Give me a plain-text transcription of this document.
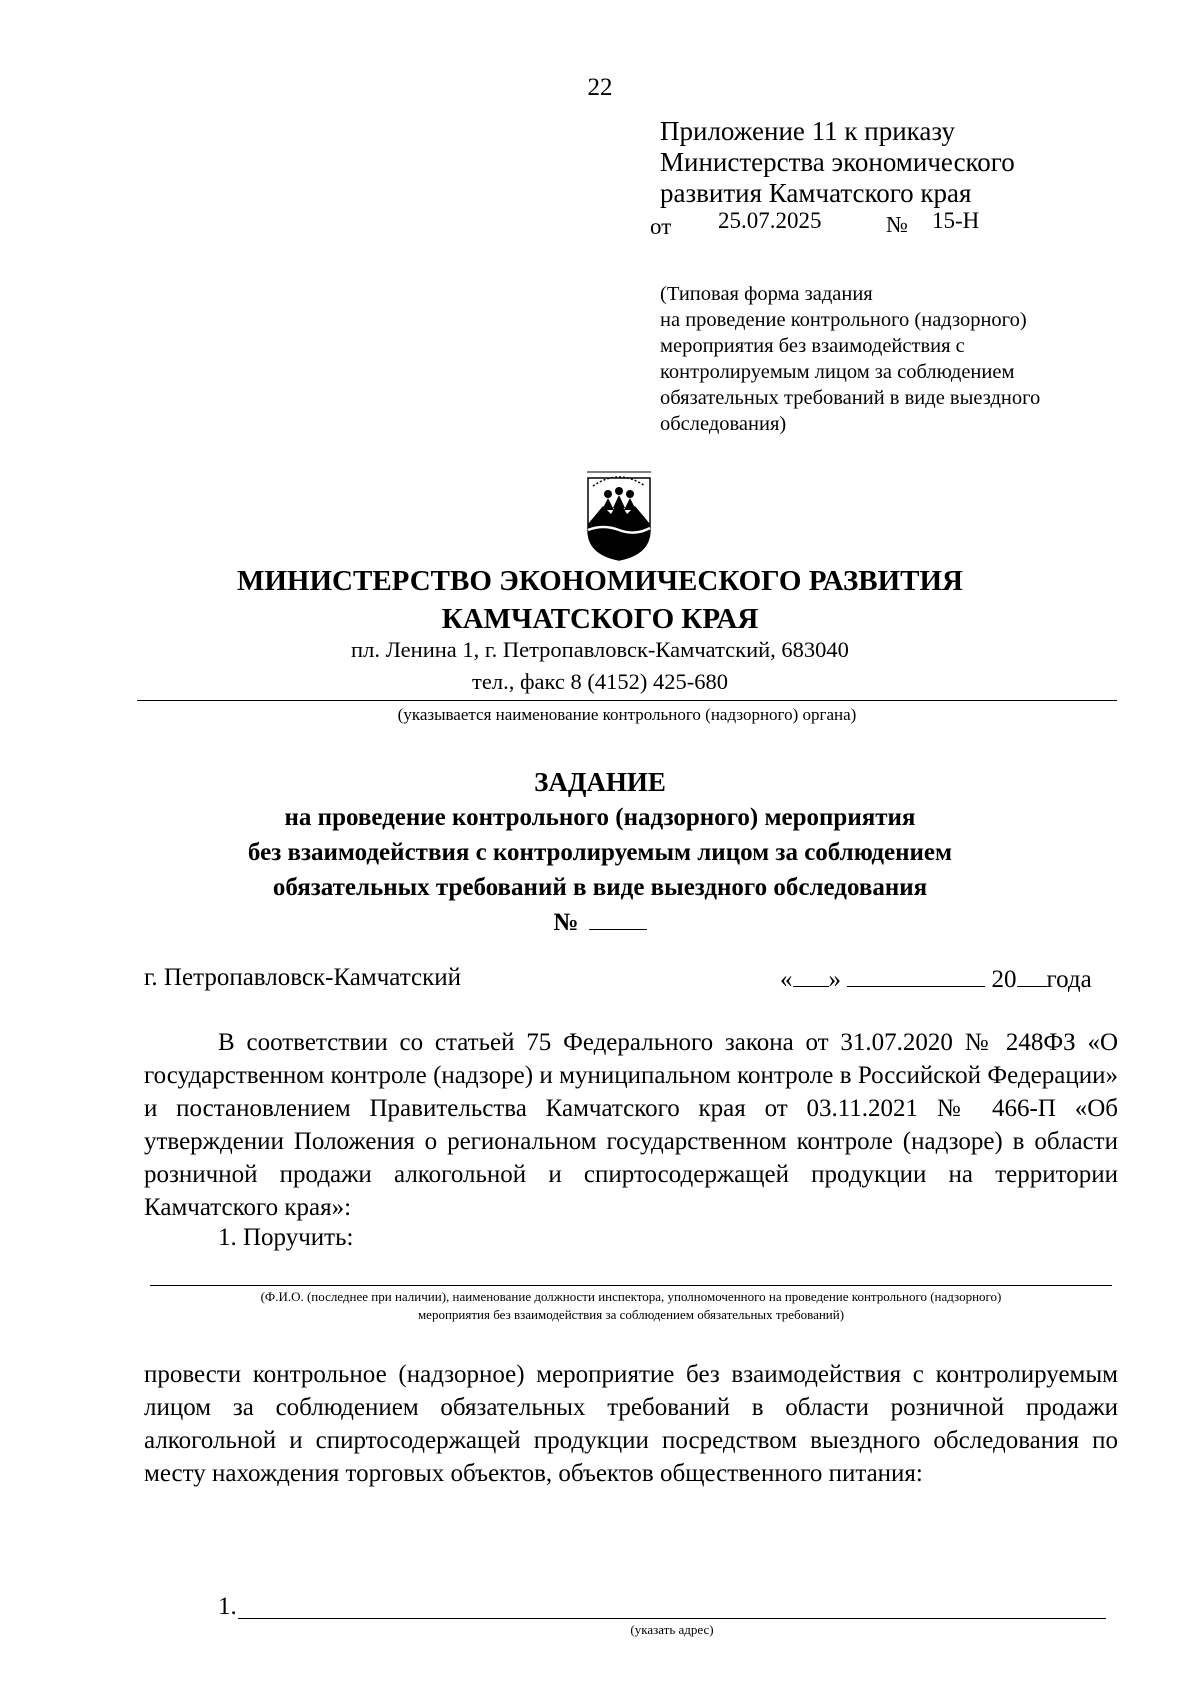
22
Приложение 11 к приказу
Министерства экономического
развития Камчатского края
от 25.07.2025	№ 15-Н
(Типовая форма задания
на проведение контрольного (надзорного)
мероприятия без взаимодействия с
контролируемым лицом за соблюдением
обязательных требований в виде выездного
обследования)
МИНИСТЕРСТВО ЭКОНОМИЧЕСКОГО РАЗВИТИЯ
КАМЧАТСКОГО КРАЯ
пл. Ленина 1, г. Петропавловск-Камчатский, 683040
тел., факс 8 (4152) 425-680
(указывается наименование контрольного (надзорного) органа)
ЗАДАНИЕ
на проведение контрольного (надзорного) мероприятия
без взаимодействия с контролируемым лицом за соблюдением
обязательных требований в виде выездного обследования
№
г. Петропавловск-Камчатский	« »	20 года
В соответствии со статьей 75 Федерального закона от 31.07.2020 № 248ФЗ «О государственном контроле (надзоре) и муниципальном контроле в Российской Федерации» и постановлением Правительства Камчатского края от 03.11.2021 № 466-П «Об утверждении Положения о региональном государственном контроле (надзоре) в области розничной продажи алкогольной и спиртосодержащей продукции на территории Камчатского края»:
1. Поручить:
(Ф.И.О. (последнее при наличии), наименование должности инспектора, уполномоченного на проведение контрольного (надзорного)
мероприятия без взаимодействия за соблюдением обязательных требований)
провести контрольное (надзорное) мероприятие без взаимодействия с контролируемым лицом за соблюдением обязательных требований в области розничной продажи алкогольной и спиртосодержащей продукции посредством выездного обследования по месту нахождения торговых объектов, объектов общественного питания:
1.
(указать адрес)
